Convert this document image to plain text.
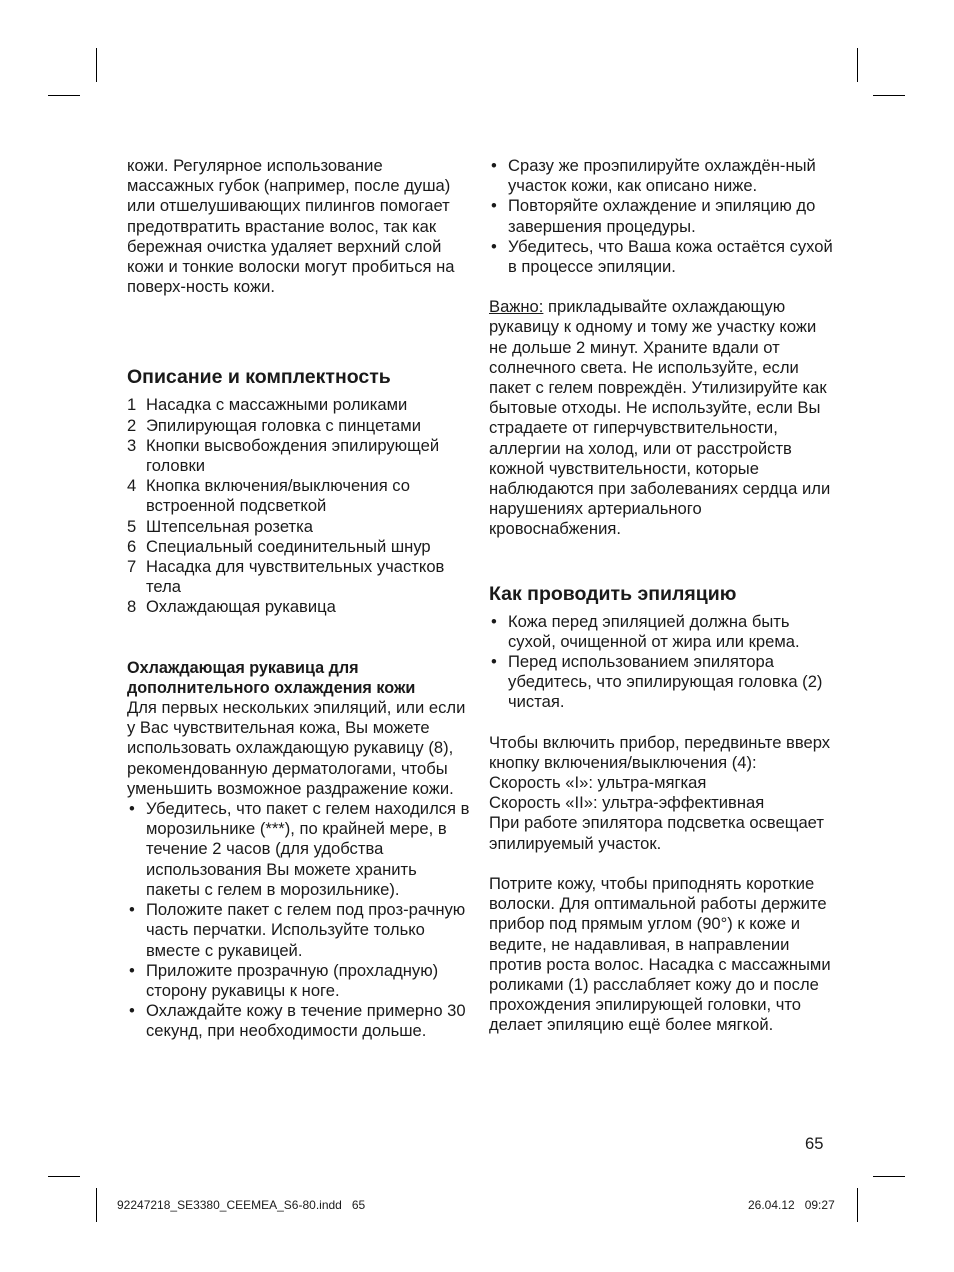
кожи. Регулярное использование массажных губок (например, после душа) или отшелушивающих пилингов помогает предотвратить врастание волос, так как бережная очистка удаляет верхний слой кожи и тонкие волоски могут пробиться на поверх-ность кожи.

Описание и комплектность
1 Насадка с массажными роликами
2 Эпилирующая головка с пинцетами
3 Кнопки высвобождения эпилирующей головки
4 Кнопка включения/выключения со встроенной подсветкой
5 Штепсельная розетка
6 Специальный соединительный шнур
7 Насадка для чувствительных участков тела
8 Охлаждающая рукавица
Охлаждающая рукавица для дополнительного охлаждения кожи

Для первых нескольких эпиляций, или если у Вас чувствительная кожа, Вы можете использовать охлаждающую рукавицу (8), рекомендованную дерматологами, чтобы уменьшить возможное раздражение кожи.

• Убедитесь, что пакет с гелем находился в морозильнике (***), по крайней мере, в течение 2 часов (для удобства использования Вы можете хранить пакеты с гелем в морозильнике).
• Положите пакет с гелем под проз-рачную часть перчатки. Используйте только вместе с рукавицей.
• Приложите прозрачную (прохладную) сторону рукавицы к ноге.
• Охлаждайте кожу в течение примерно 30 секунд, при необходимости дольше.
• Сразу же проэпилируйте охлаждён-ный участок кожи, как описано ниже.
• Повторяйте охлаждение и эпиляцию до завершения процедуры.
• Убедитесь, что Ваша кожа остаётся сухой в процессе эпиляции.

Важно: прикладывайте охлаждающую рукавицу к одному и тому же участку кожи не дольше 2 минут. Храните вдали от солнечного света. Не используйте, если пакет с гелем повреждён. Утилизируйте как бытовые отходы. Не используйте, если Вы страдаете от гиперчувствительности, аллергии на холод, или от расстройств кожной чувствительности, которые наблюдаются при заболеваниях сердца или нарушениях артериального кровоснабжения.

Как проводить эпиляцию
• Кожа перед эпиляцией должна быть сухой, очищенной от жира или крема.
• Перед использованием эпилятора убедитесь, что эпилирующая головка (2) чистая.

Чтобы включить прибор, передвиньте вверх кнопку включения/выключения (4):

Скорость «I»: ультра-мягкая

Скорость «II»: ультра-эффективная

При работе эпилятора подсветка освещает эпилируемый участок.

Потрите кожу, чтобы приподнять короткие волоски. Для оптимальной работы держите прибор под прямым углом (90°) к коже и ведите, не надавливая, в направлении против роста волос. Насадка с массажными роликами (1) расслабляет кожу до и после прохождения эпилирующей головки, что делает эпиляцию ещё более мягкой.

65
92247218_SE3380_CEEMEA_S6-80.indd   65	26.04.12   09:27
